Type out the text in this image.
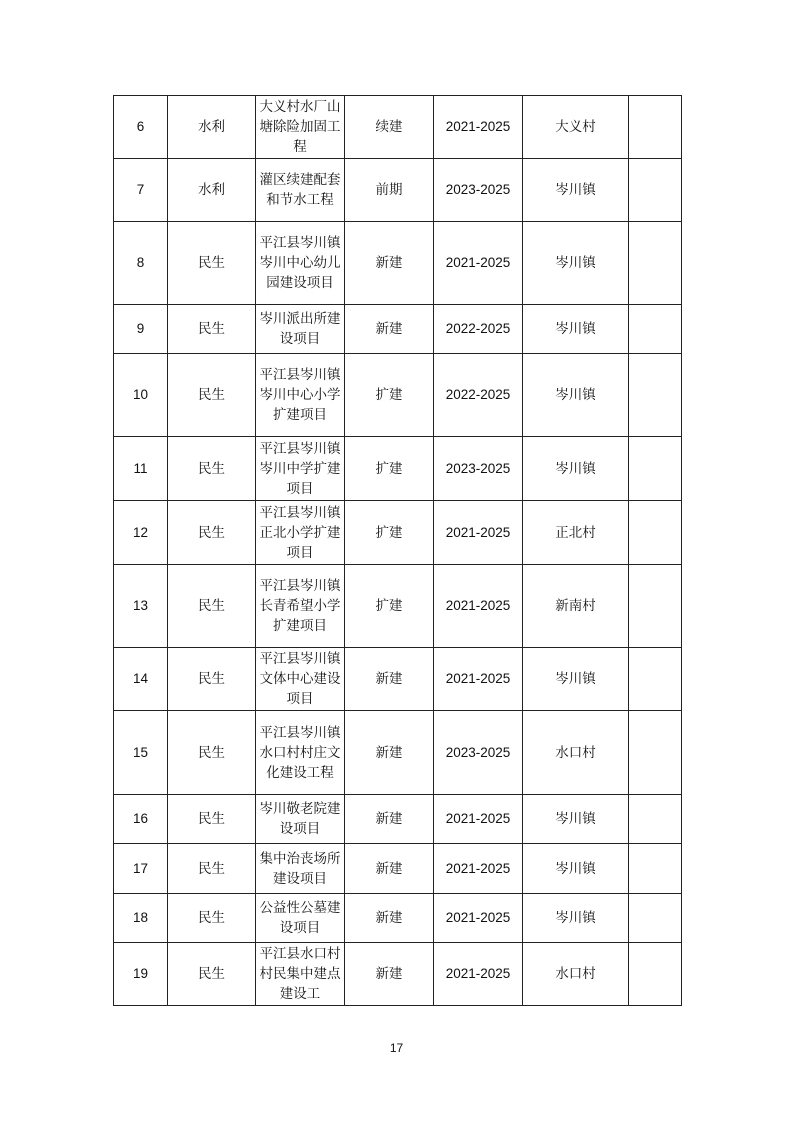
6	水利	大义村水厂山塘除险加固工程	续建	2021-2025	大义村	
7	水利	灌区续建配套和节水工程	前期	2023-2025	岑川镇	
8	民生	平江县岑川镇岑川中心幼儿园建设项目	新建	2021-2025	岑川镇	
9	民生	岑川派出所建设项目	新建	2022-2025	岑川镇	
10	民生	平江县岑川镇岑川中心小学扩建项目	扩建	2022-2025	岑川镇	
11	民生	平江县岑川镇岑川中学扩建项目	扩建	2023-2025	岑川镇	
12	民生	平江县岑川镇正北小学扩建项目	扩建	2021-2025	正北村	
13	民生	平江县岑川镇长青希望小学扩建项目	扩建	2021-2025	新南村	
14	民生	平江县岑川镇文体中心建设项目	新建	2021-2025	岑川镇	
15	民生	平江县岑川镇水口村村庄文化建设工程	新建	2023-2025	水口村	
16	民生	岑川敬老院建设项目	新建	2021-2025	岑川镇	
17	民生	集中治丧场所建设项目	新建	2021-2025	岑川镇	
18	民生	公益性公墓建设项目	新建	2021-2025	岑川镇	
19	民生	平江县水口村村民集中建点建设工	新建	2021-2025	水口村	
17
